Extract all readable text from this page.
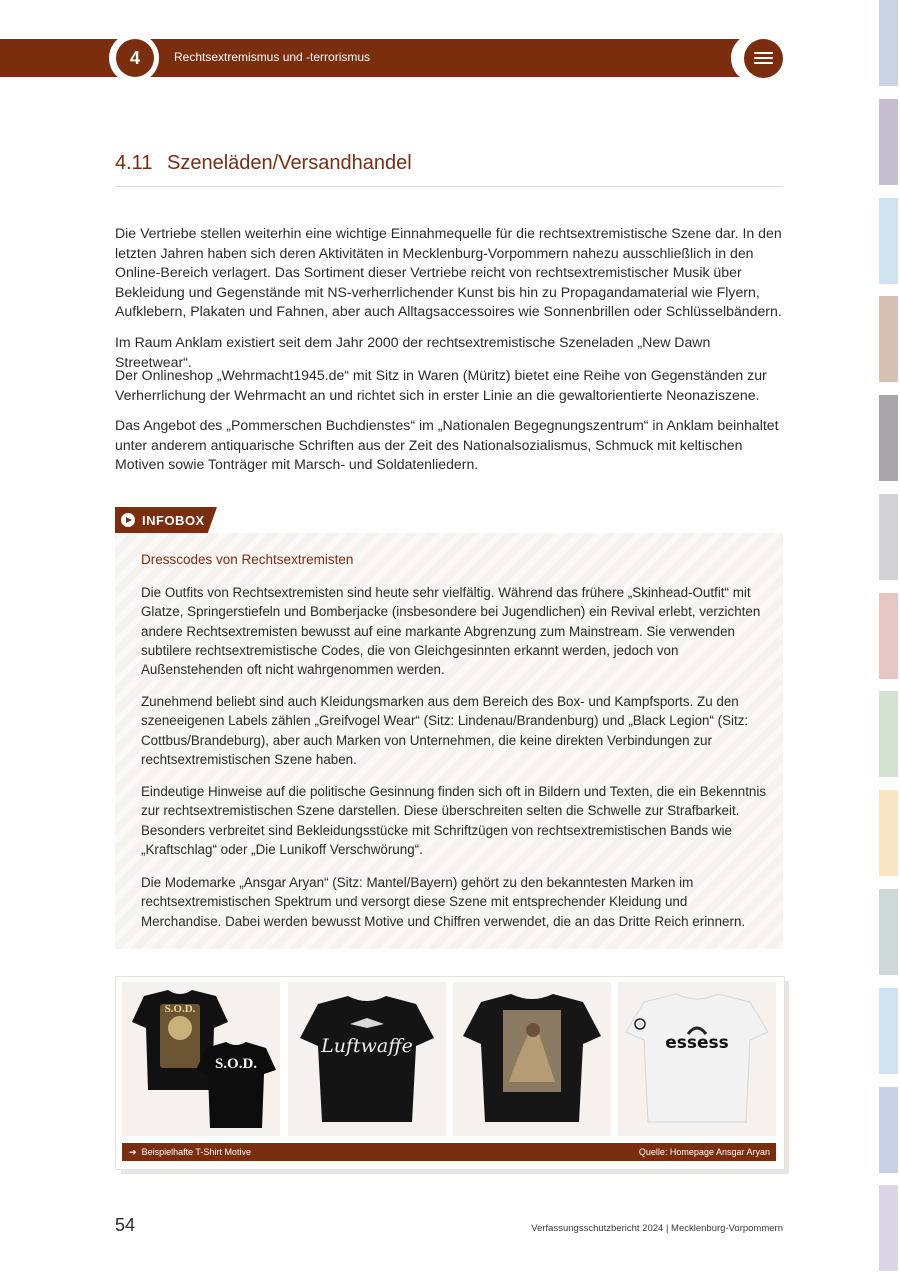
4	Rechtsextremismus und -terrorismus
4.11 Szeneläden/Versandhandel

Die Vertriebe stellen weiterhin eine wichtige Einnahmequelle für die rechtsextremistische Szene dar. In den letzten Jahren haben sich deren Aktivitäten in Mecklenburg-Vorpommern nahezu ausschließlich in den Online-Bereich verlagert. Das Sortiment dieser Vertriebe reicht von rechtsextremistischer Musik über Bekleidung und Gegenstände mit NS-verherrlichender Kunst bis hin zu Propagandamaterial wie Flyern, Aufklebern, Plakaten und Fahnen, aber auch Alltagsaccessoires wie Sonnenbrillen oder Schlüsselbändern.

Im Raum Anklam existiert seit dem Jahr 2000 der rechtsextremistische Szeneladen „New Dawn Streetwear“.

Der Onlineshop „Wehrmacht1945.de“ mit Sitz in Waren (Müritz) bietet eine Reihe von Gegenständen zur Verherrlichung der Wehrmacht an und richtet sich in erster Linie an die gewaltorientierte Neonaziszene.

Das Angebot des „Pommerschen Buchdienstes“ im „Nationalen Begegnungszentrum“ in Anklam beinhaltet unter anderem antiquarische Schriften aus der Zeit des Nationalsozialismus, Schmuck mit keltischen Motiven sowie Tonträger mit Marsch- und Soldatenliedern.

INFOBOX
Dresscodes von Rechtsextremisten

Die Outfits von Rechtsextremisten sind heute sehr vielfältig. Während das frühere „Skinhead-Outfit“ mit Glatze, Springerstiefeln und Bomberjacke (insbesondere bei Jugendlichen) ein Revival erlebt, verzichten andere Rechtsextremisten bewusst auf eine markante Abgrenzung zum Mainstream. Sie verwenden subtilere rechtsextremistische Codes, die von Gleichgesinnten erkannt werden, jedoch von Außenstehenden oft nicht wahrgenommen werden.

Zunehmend beliebt sind auch Kleidungsmarken aus dem Bereich des Box- und Kampfsports. Zu den szeneeigenen Labels zählen „Greifvogel Wear“ (Sitz: Lindenau/Brandenburg) und „Black Legion“ (Sitz: Cottbus/Brandeburg), aber auch Marken von Unternehmen, die keine direkten Verbindungen zur rechtsextremistischen Szene haben.

Eindeutige Hinweise auf die politische Gesinnung finden sich oft in Bildern und Texten, die ein Bekenntnis zur rechtsextremistischen Szene darstellen. Diese überschreiten selten die Schwelle zur Strafbarkeit. Besonders verbreitet sind Bekleidungsstücke mit Schriftzügen von rechtsextremistischen Bands wie „Kraftschlag“ oder „Die Lunikoff Verschwörung“.

Die Modemarke „Ansgar Aryan“ (Sitz: Mantel/Bayern) gehört zu den bekanntesten Marken im rechtsextremistischen Spektrum und versorgt diese Szene mit entsprechender Kleidung und Merchandise. Dabei werden bewusst Motive und Chiffren verwendet, die an das Dritte Reich erinnern.

S.O.D.
S.O.D.
Luftwaffe	essess
➔ Beispielhafte T-Shirt Motive	Quelle: Homepage Ansgar Aryan
54	Verfassungsschutzbericht 2024 | Mecklenburg-Vorpommern
